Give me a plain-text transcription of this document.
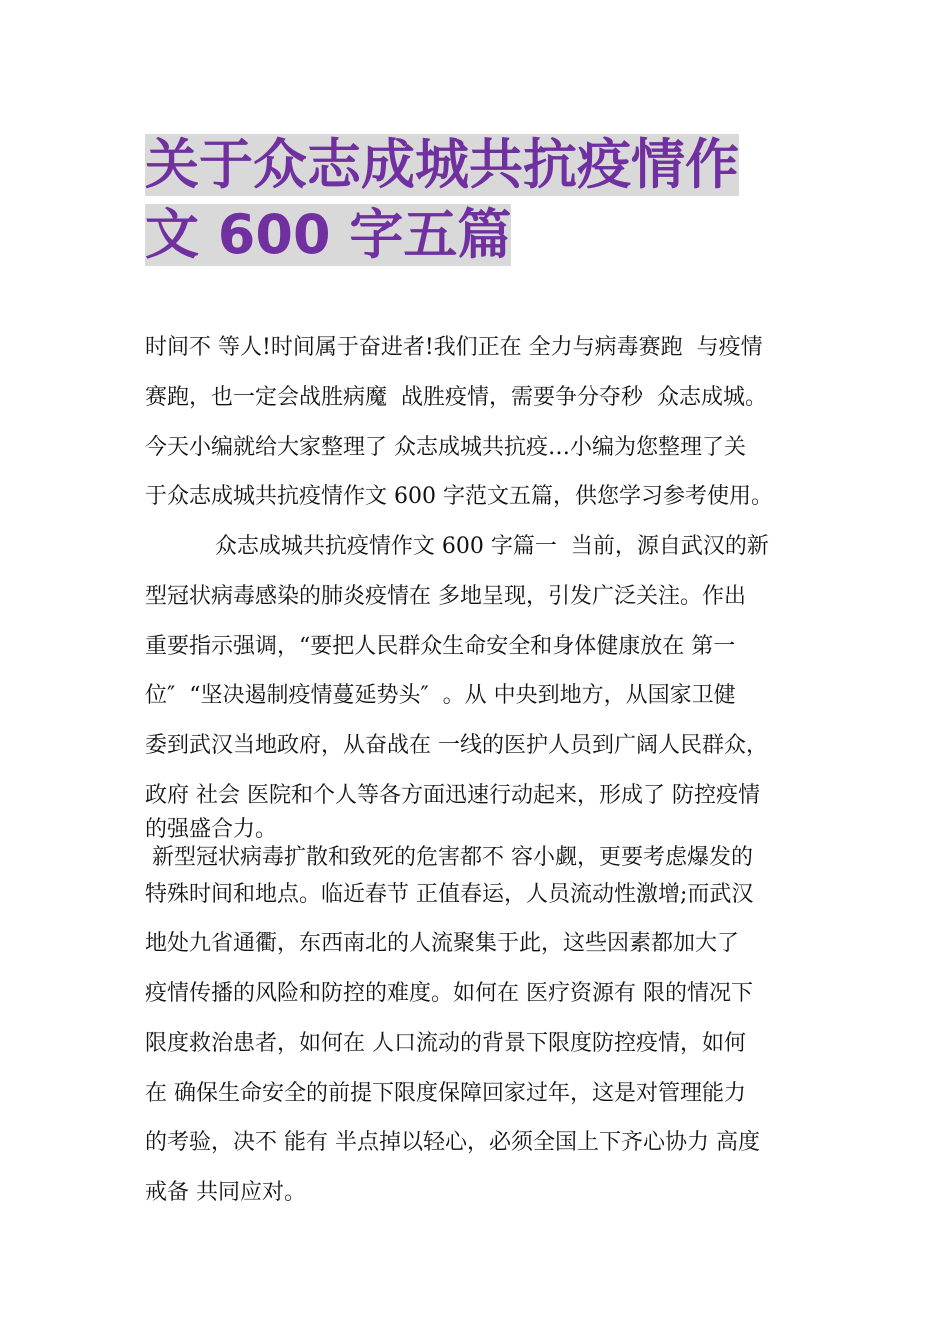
关于众志成城共抗疫情作
文 600 字五篇
时间不 等人!时间属于奋进者!我们正在 全力与病毒赛跑  与疫情
赛跑，也一定会战胜病魔  战胜疫情，需要争分夺秒  众志成城。
今天小编就给大家整理了 众志成城共抗疫…小编为您整理了关
于众志成城共抗疫情作文 600 字范文五篇，供您学习参考使用。
众志成城共抗疫情作文 600 字篇一  当前，源自武汉的新
型冠状病毒感染的肺炎疫情在 多地呈现，引发广泛关注。作出
重要指示强调，“要把人民群众生命安全和身体健康放在 第一
位″  “坚决遏制疫情蔓延势头″  。从 中央到地方，从国家卫健
委到武汉当地政府，从奋战在 一线的医护人员到广阔人民群众，
政府 社会 医院和个人等各方面迅速行动起来，形成了 防控疫情
的强盛合力。
新型冠状病毒扩散和致死的危害都不 容小觑，更要考虑爆发的
特殊时间和地点。临近春节 正值春运，人员流动性激增;而武汉
地处九省通衢，东西南北的人流聚集于此，这些因素都加大了
疫情传播的风险和防控的难度。如何在 医疗资源有 限的情况下
限度救治患者，如何在 人口流动的背景下限度防控疫情，如何
在 确保生命安全的前提下限度保障回家过年，这是对管理能力
的考验，决不 能有 半点掉以轻心，必须全国上下齐心协力 高度
戒备 共同应对。
